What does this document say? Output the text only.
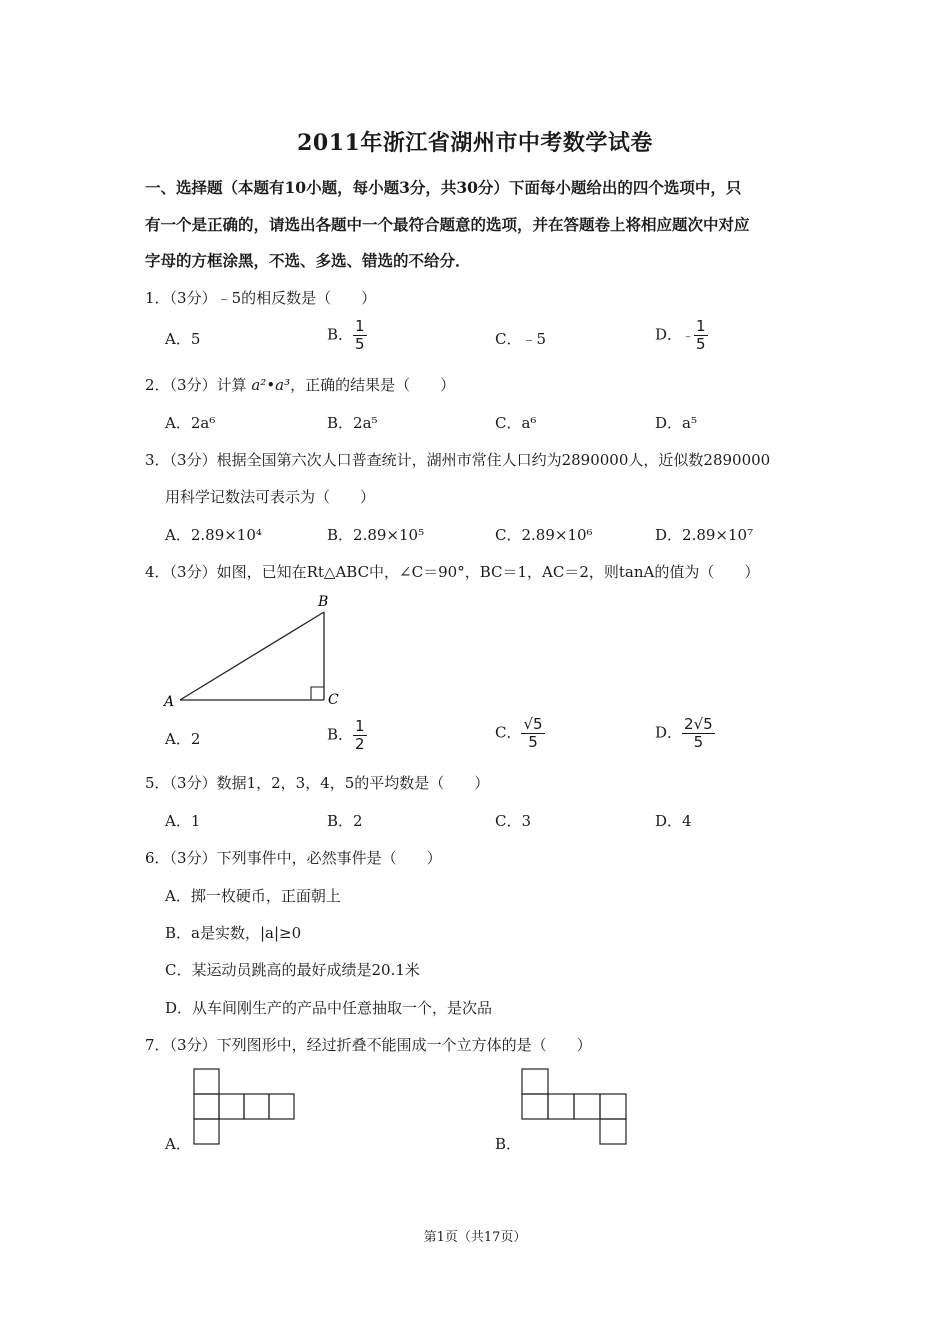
2011年浙江省湖州市中考数学试卷
一、选择题（本题有10小题，每小题3分，共30分）下面每小题给出的四个选项中，只
有一个是正确的，请选出各题中一个最符合题意的选项，并在答题卷上将相应题次中对应
字母的方框涂黑，不选、多选、错选的不给分．
1．（3分）﹣5的相反数是（　　）
A．5	B． $\frac{1}{5}$	C．﹣5	D．﹣ $\frac{1}{5}$
2．（3分）计算 a²•a³，正确的结果是（　　）
A．2a⁶	B．2a⁵	C．a⁶	D．a⁵
3．（3分）根据全国第六次人口普查统计，湖州市常住人口约为2890000人，近似数2890000
用科学记数法可表示为（　　）
A．2.89×10⁴	B．2.89×10⁵	C．2.89×10⁶	D．2.89×10⁷
4．（3分）如图，已知在Rt△ABC中，∠C＝90°，BC＝1，AC＝2，则tanA的值为（　　）
A
B
C
A．2	B． $\frac{1}{2}$	C． $\frac{√5}{5}$	D． $\frac{2√5}{5}$
5．（3分）数据1，2，3，4，5的平均数是（　　）
A．1	B．2	C．3	D．4
6．（3分）下列事件中，必然事件是（　　）
A．掷一枚硬币，正面朝上
B．a是实数，|a|≥0
C．某运动员跳高的最好成绩是20.1米
D．从车间刚生产的产品中任意抽取一个，是次品
7．（3分）下列图形中，经过折叠不能围成一个立方体的是（　　）
A．	B．
第1页（共17页）
